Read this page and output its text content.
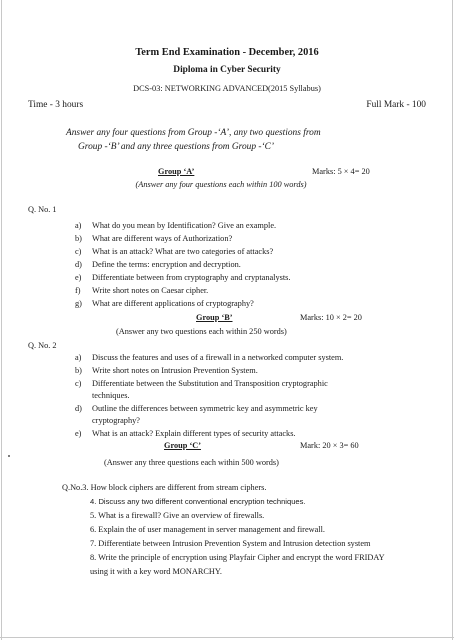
Term End Examination - December, 2016
Diploma in Cyber Security
DCS-03: NETWORKING ADVANCED(2015 Syllabus)
Time - 3 hours	Full Mark - 100
Answer any four questions from Group -‘A’, any two questions from
Group -‘B’ and any three questions from Group -‘C’
Group ‘A’	Marks: 5 × 4= 20
(Answer any four questions each within 100 words)
Q. No. 1
a) What do you mean by Identification? Give an example.
b) What are different ways of Authorization?
c) What is an attack? What are two categories of attacks?
d) Define the terms: encryption and decryption.
e) Differentiate between from cryptography and cryptanalysts.
f) Write short notes on Caesar cipher.
g) What are different applications of cryptography?
Group ‘B’	Marks: 10 × 2= 20
(Answer any two questions each within 250 words)
Q. No. 2
a) Discuss the features and uses of a firewall in a networked computer system.
b) Write short notes on Intrusion Prevention System.
c) Differentiate between the Substitution and Transposition cryptographic
techniques.
d) Outline the differences between symmetric key and asymmetric key
cryptography?
e) What is an attack? Explain different types of security attacks.
Group ‘C’	Mark: 20 × 3= 60
(Answer any three questions each within 500 words)
Q.No.3. How block ciphers are different from stream ciphers.
4. Discuss any two different conventional encryption techniques.
5. What is a firewall? Give an overview of firewalls.
6. Explain the of user management in server management and firewall.
7. Differentiate between Intrusion Prevention System and Intrusion detection system
8. Write the principle of encryption using Playfair Cipher and encrypt the word FRIDAY
using it with a key word MONARCHY.
